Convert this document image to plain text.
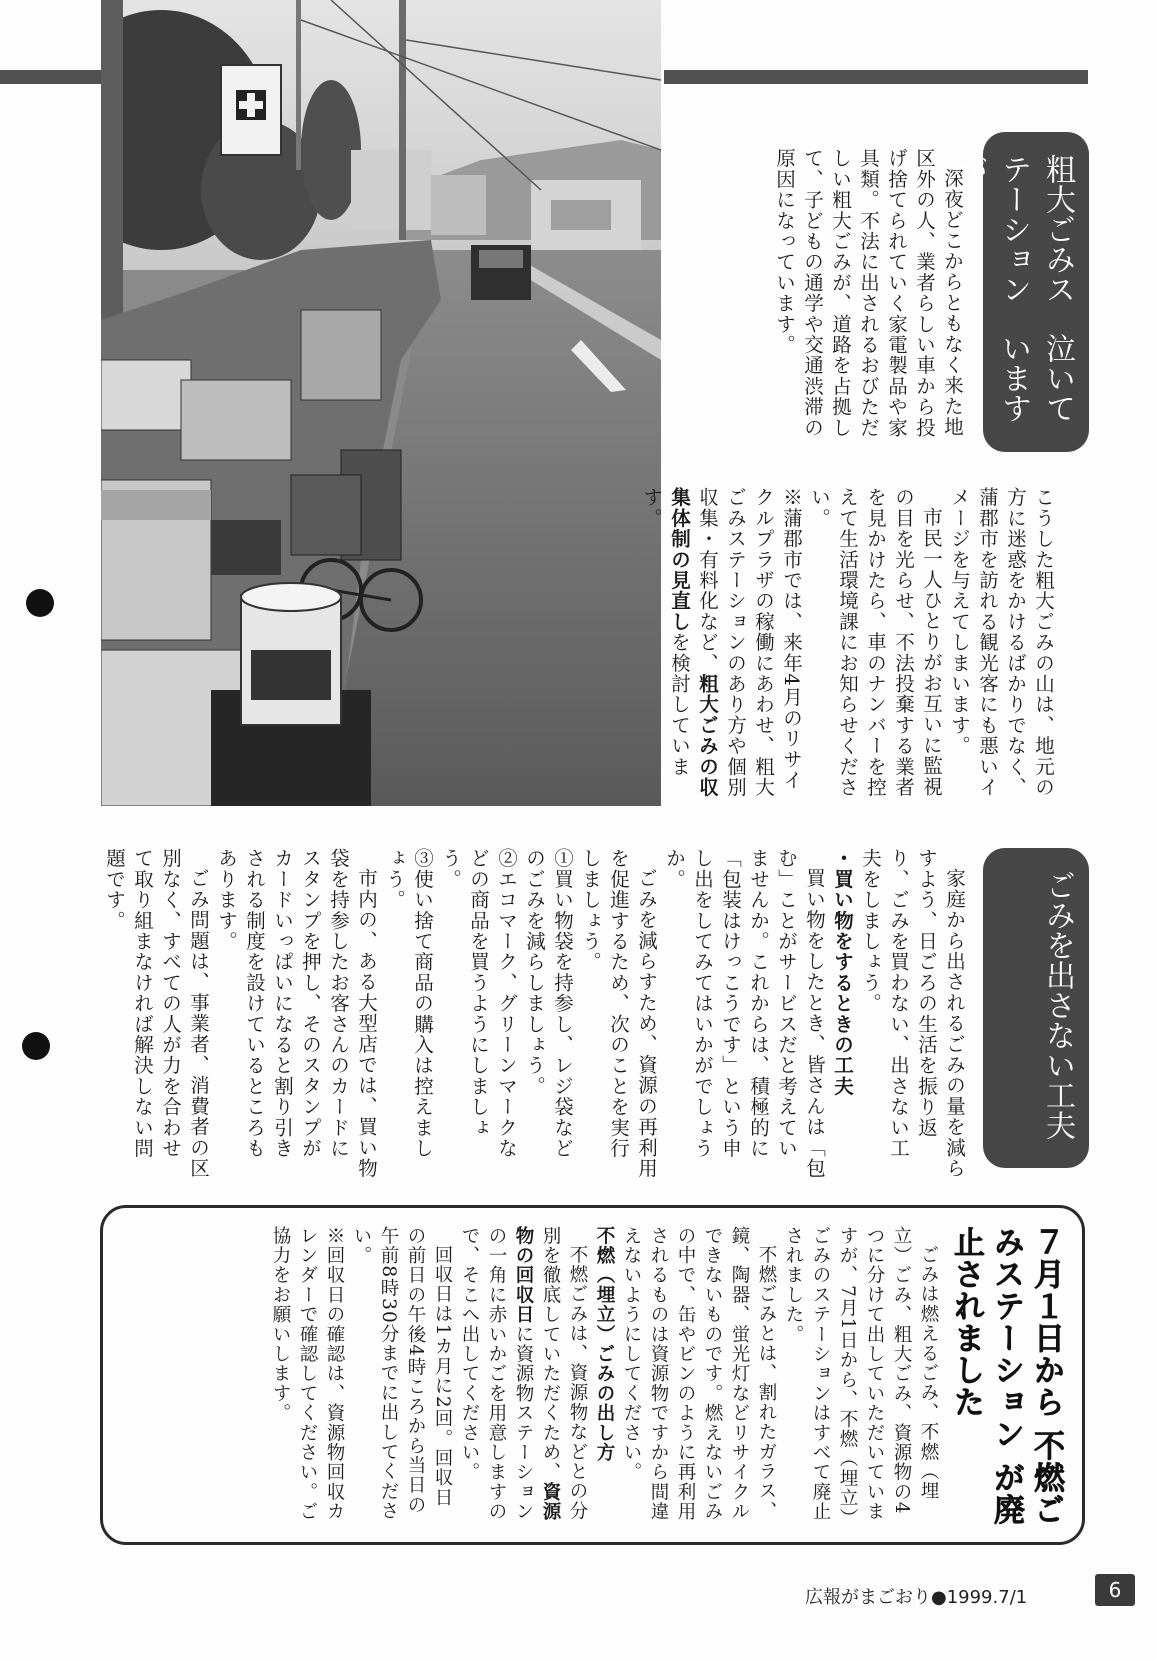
粗大ごみステーションが
泣いています

深夜どこからともなく来た地区外の人、業者らしい車から投げ捨てられていく家電製品や家具類。不法に出されるおびただしい粗大ごみが、道路を占拠して、子どもの通学や交通渋滞の原因になっています。

こうした粗大ごみの山は、地元の方に迷惑をかけるばかりでなく、蒲郡市を訪れる観光客にも悪いイメージを与えてしまいます。

市民一人ひとりがお互いに監視の目を光らせ、不法投棄する業者を見かけたら、車のナンバーを控えて生活環境課にお知らせください。

※蒲郡市では、来年4月のリサイクルプラザの稼働にあわせ、粗大ごみステーションのあり方や個別収集・有料化など、粗大ごみの収集体制の見直しを検討しています。

ごみを
出さない工夫

家庭から出されるごみの量を減らすよう、日ごろの生活を振り返り、ごみを買わない、出さない工夫をしましょう。

・買い物をするときの工夫

買い物をしたとき、皆さんは「包む」ことがサービスだと考えていませんか。これからは、積極的に「包装はけっこうです」という申し出をしてみてはいかがでしょうか。

ごみを減らすため、資源の再利用を促進するため、次のことを実行しましょう。

①買い物袋を持参し、レジ袋などのごみを減らしましょう。

②エコマーク、グリーンマークなどの商品を買うようにしましょう。

③使い捨て商品の購入は控えましょう。

市内の、ある大型店では、買い物袋を持参したお客さんのカードにスタンプを押し、そのスタンプがカードいっぱいになると割り引きされる制度を設けているところもあります。

ごみ問題は、事業者、消費者の区別なく、すべての人が力を合わせて取り組まなければ解決しない問題です。

７月１日から 不燃ごみステーション が廃止されました

ごみは燃えるごみ、不燃（埋立）ごみ、粗大ごみ、資源物の4つに分けて出していただいていますが、7月1日から、不燃（埋立）ごみのステーションはすべて廃止されました。

不燃ごみとは、割れたガラス、鏡、陶器、蛍光灯などリサイクルできないものです。燃えないごみの中で、缶やビンのように再利用されるものは資源物ですから間違えないようにしてください。

不燃（埋立）ごみの出し方

不燃ごみは、資源物などとの分別を徹底していただくため、資源物の回収日に資源物ステーションの一角に赤いかごを用意しますので、そこへ出してください。

回収日は1カ月に2回。回収日の前日の午後4時ころから当日の午前8時30分までに出してください。

※回収日の確認は、資源物回収カレンダーで確認してください。ご協力をお願いします。

広報がまごおり●1999.7/1	6
